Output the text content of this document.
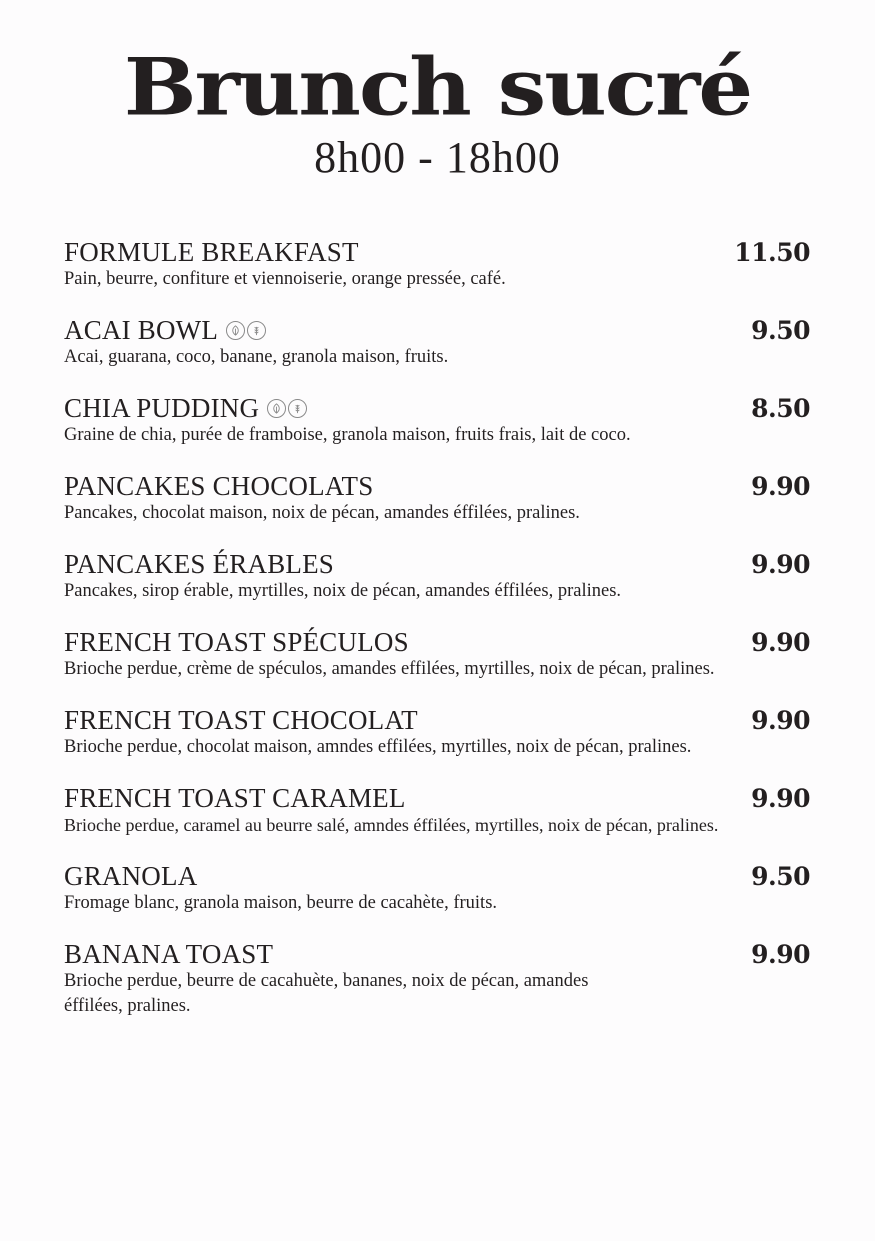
Brunch sucré
8h00 - 18h00
FORMULE BREAKFAST	11.50
Pain, beurre, confiture et viennoiserie, orange pressée, café.
ACAI BOWL	9.50
Acai, guarana, coco, banane, granola maison, fruits.
CHIA PUDDING	8.50
Graine de chia, purée de framboise, granola maison, fruits frais, lait de coco.
PANCAKES CHOCOLATS	9.90
Pancakes, chocolat maison, noix de pécan, amandes éffilées, pralines.
PANCAKES ÉRABLES	9.90
Pancakes, sirop érable, myrtilles, noix de pécan, amandes éffilées, pralines.
FRENCH TOAST SPÉCULOS	9.90
Brioche perdue, crème de spéculos, amandes effilées, myrtilles, noix de pécan, pralines.
FRENCH TOAST CHOCOLAT	9.90
Brioche perdue, chocolat maison, amndes effilées, myrtilles, noix de pécan, pralines.
FRENCH TOAST CARAMEL	9.90
Brioche perdue, caramel au beurre salé, amndes éffilées, myrtilles, noix de pécan, pralines.
GRANOLA	9.50
Fromage blanc, granola maison, beurre de cacahète, fruits.
BANANA TOAST	9.90
Brioche perdue, beurre de cacahuète, bananes, noix de pécan, amandes éffilées, pralines.
